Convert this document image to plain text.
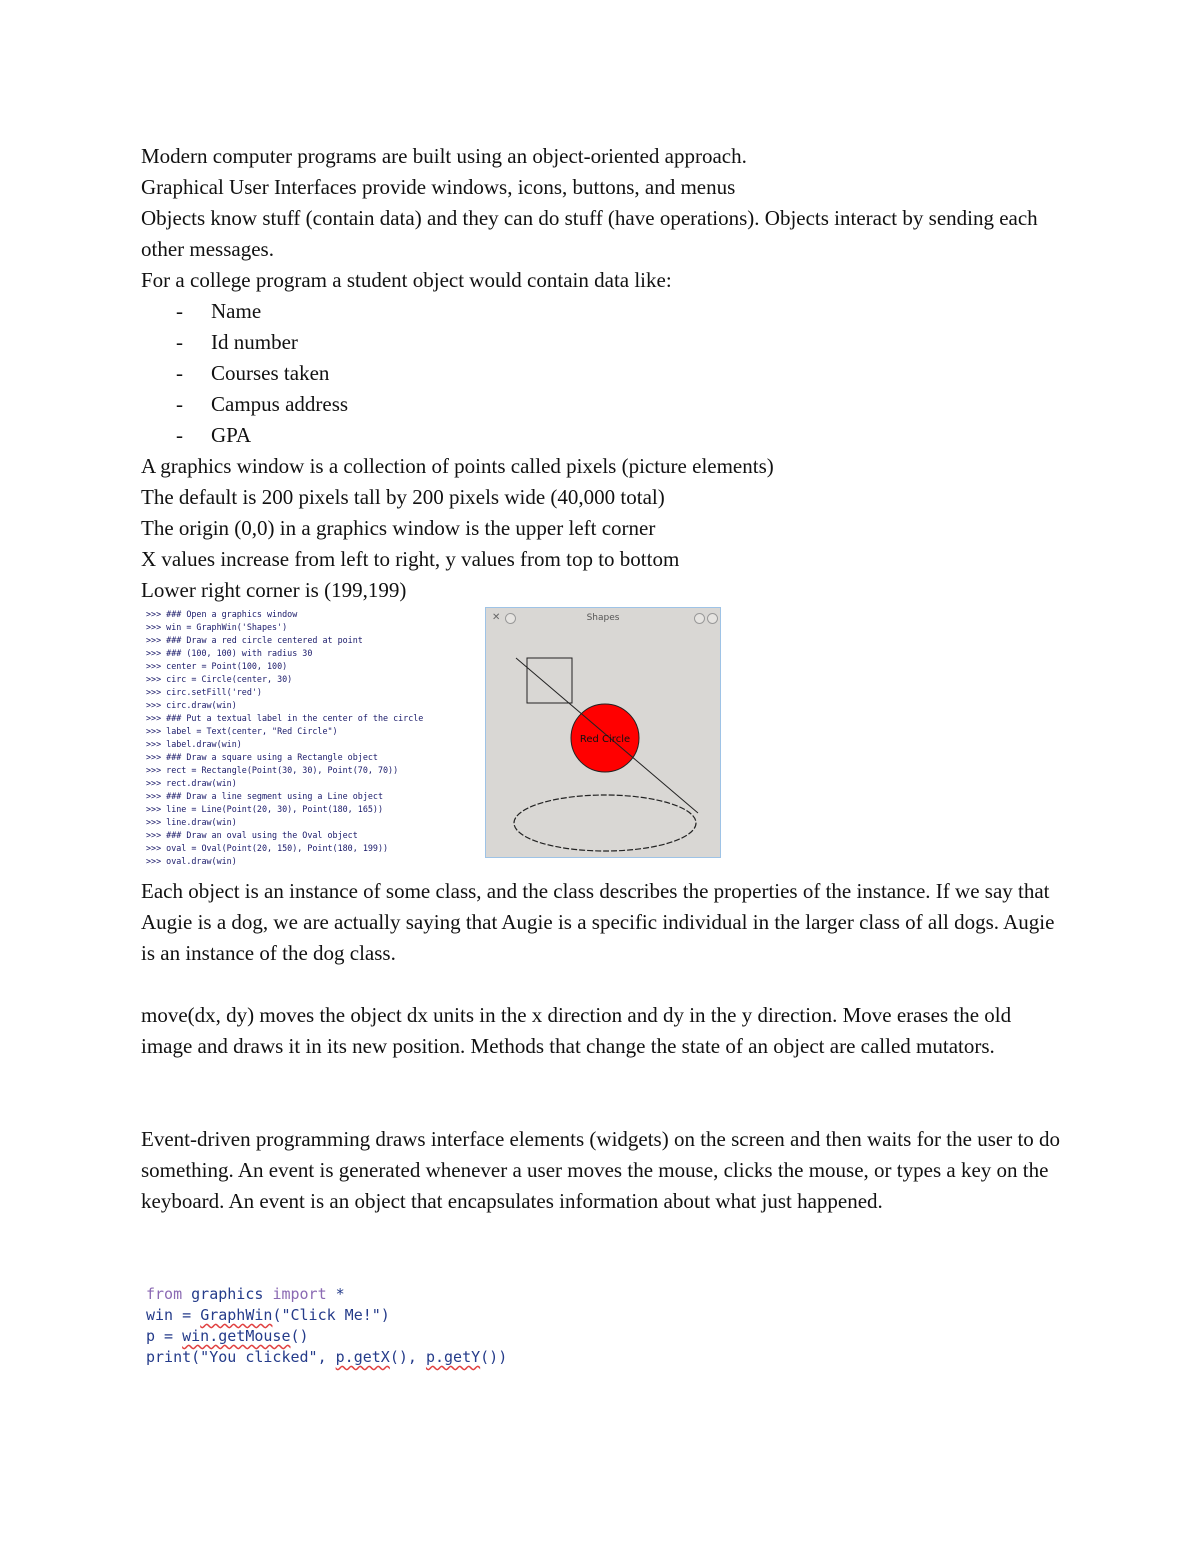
Modern computer programs are built using an object-oriented approach.

Graphical User Interfaces provide windows, icons, buttons, and menus

Objects know stuff (contain data) and they can do stuff (have operations). Objects interact by sending each other messages.

For a college program a student object would contain data like:

- Name

- Id number

- Courses taken

- Campus address

- GPA

A graphics window is a collection of points called pixels (picture elements)

The default is 200 pixels tall by 200 pixels wide (40,000 total)

The origin (0,0) in a graphics window is the upper left corner

X values increase from left to right, y values from top to bottom

Lower right corner is (199,199)

>>> ### Open a graphics window
>>> win = GraphWin('Shapes')
>>> ### Draw a red circle centered at point
>>> ### (100, 100) with radius 30
>>> center = Point(100, 100)
>>> circ = Circle(center, 30)
>>> circ.setFill('red')
>>> circ.draw(win)
>>> ### Put a textual label in the center of the circle
>>> label = Text(center, "Red Circle")
>>> label.draw(win)
>>> ### Draw a square using a Rectangle object
>>> rect = Rectangle(Point(30, 30), Point(70, 70))
>>> rect.draw(win)
>>> ### Draw a line segment using a Line object
>>> line = Line(Point(20, 30), Point(180, 165))
>>> line.draw(win)
>>> ### Draw an oval using the Oval object
>>> oval = Oval(Point(20, 150), Point(180, 199))
>>> oval.draw(win)
✕	Shapes
Red Circle

Each object is an instance of some class, and the class describes the properties of the instance. If we say that Augie is a dog, we are actually saying that Augie is a specific individual in the larger class of all dogs. Augie is an instance of the dog class.

move(dx, dy) moves the object dx units in the x direction and dy in the y direction. Move erases the old image and draws it in its new position. Methods that change the state of an object are called mutators.

Event-driven programming draws interface elements (widgets) on the screen and then waits for the user to do something. An event is generated whenever a user moves the mouse, clicks the mouse, or types a key on the keyboard. An event is an object that encapsulates information about what just happened.

from graphics import *
win = GraphWin("Click Me!")
p = win.getMouse()
print("You clicked", p.getX(), p.getY())
